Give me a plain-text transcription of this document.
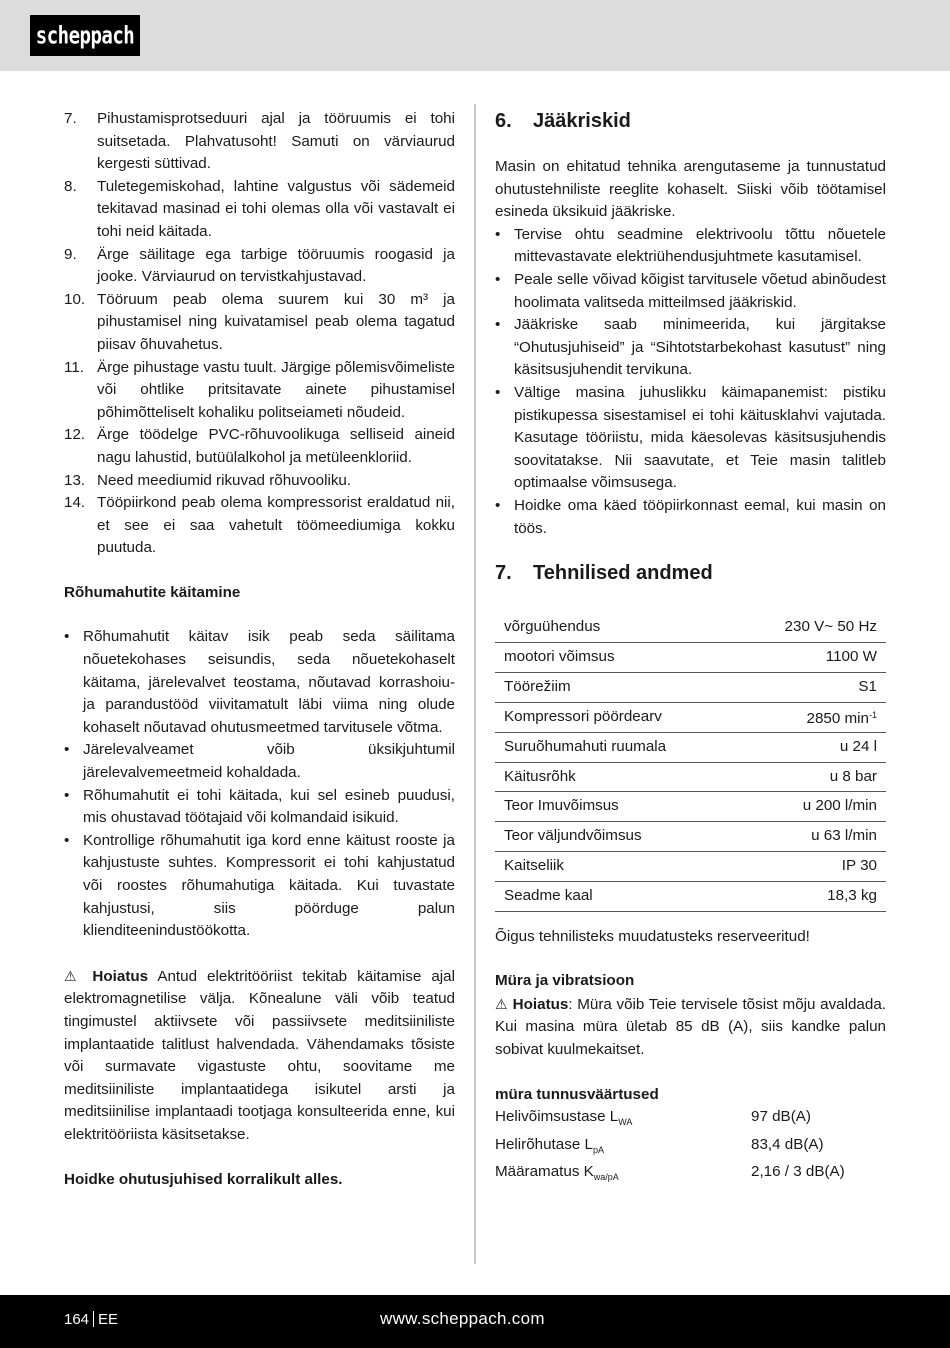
scheppach
7. Pihustamisprotseduuri ajal ja tööruumis ei tohi suitsetada. Plahvatusoht! Samuti on värviaurud kergesti süttivad.
8. Tuletegemiskohad, lahtine valgustus või sädemeid tekitavad masinad ei tohi olemas olla või vastavalt ei tohi neid käitada.
9. Ärge säilitage ega tarbige tööruumis roogasid ja jooke. Värviaurud on tervistkahjustavad.
10. Tööruum peab olema suurem kui 30 m³ ja pihustamisel ning kuivatamisel peab olema tagatud piisav õhuvahetus.
11. Ärge pihustage vastu tuult. Järgige põlemisvõimeliste või ohtlike pritsitavate ainete pihustamisel põhimõtteliselt kohaliku politseiameti nõudeid.
12. Ärge töödelge PVC-rõhuvoolikuga selliseid aineid nagu lahustid, butüülalkohol ja metüleenkloriid.
13. Need meediumid rikuvad rõhuvooliku.
14. Tööpiirkond peab olema kompressorist eraldatud nii, et see ei saa vahetult töömeediumiga kokku puutuda.
Rõhumahutite käitamine
• Rõhumahutit käitav isik peab seda säilitama nõuetekohases seisundis, seda nõuetekohaselt käitama, järelevalvet teostama, nõutavad korrashoiu- ja parandustööd viivitamatult läbi viima ning olude kohaselt nõutavad ohutusmeetmed tarvitusele võtma.
• Järelevalveamet võib üksikjuhtumil järelevalvemeetmeid kohaldada.
• Rõhumahutit ei tohi käitada, kui sel esineb puudusi, mis ohustavad töötajaid või kolmandaid isikuid.
• Kontrollige rõhumahutit iga kord enne käitust rooste ja kahjustuste suhtes. Kompressorit ei tohi kahjustatud või roostes rõhumahutiga käitada. Kui tuvastate kahjustusi, siis pöörduge palun klienditeenindustöökotta.

⚠ Hoiatus Antud elektritööriist tekitab käitamise ajal elektromagnetilise välja. Kõnealune väli võib teatud tingimustel aktiivsete või passiivsete meditsiiniliste implantaatide talitlust halvendada. Vähendamaks tõsiste või surmavate vigastuste ohtu, soovitame me meditsiiniliste implantaatidega isikutel arsti ja meditsiinilise implantaadi tootjaga konsulteerida enne, kui elektritööriista käsitsetakse.

Hoidke ohutusjuhised korralikult alles.

6.	Jääkriskid

Masin on ehitatud tehnika arengutaseme ja tunnustatud ohutustehniliste reeglite kohaselt. Siiski võib töötamisel esineda üksikuid jääkriske.

• Tervise ohtu seadmine elektrivoolu tõttu nõuetele mittevastavate elektriühendusjuhtmete kasutamisel.
• Peale selle võivad kõigist tarvitusele võetud abinõudest hoolimata valitseda mitteilmsed jääkriskid.
• Jääkriske saab minimeerida, kui järgitakse “Ohutusjuhiseid” ja “Sihtotstarbekohast kasutust” ning käsitsusjuhendit tervikuna.
• Vältige masina juhuslikku käimapanemist: pistiku pistikupessa sisestamisel ei tohi käitusklahvi vajutada. Kasutage tööriistu, mida käesolevas käsitsusjuhendis soovitatakse. Nii saavutate, et Teie masin talitleb optimaalse võimsusega.
• Hoidke oma käed tööpiirkonnast eemal, kui masin on töös.
7.	Tehnilised andmed
võrguühendus	230 V~ 50 Hz
mootori võimsus	1100 W
Töörežiim	S1
Kompressori pöördearv	2850 $\min^{-1}$
Suruõhumahuti ruumala	u 24 l
Käitusrõhk	u 8 bar
Teor Imuvõimsus	u 200 l/min
Teor väljundvõimsus	u 63 l/min
Kaitseliik	IP 30
Seadme kaal	18,3 kg

Õigus tehnilisteks muudatusteks reserveeritud!

Müra ja vibratsioon

⚠ Hoiatus: Müra võib Teie tervisele tõsist mõju avaldada. Kui masina müra ületab 85 dB (A), siis kandke palun sobivat kuulmekaitset.

müra tunnusväärtused

Helivõimsustase $L_{WA}$	97 dB(A)
Helirõhutase $L_{pA}$	83,4 dB(A)
Määramatus $K_{wa/pA}$	2,16 / 3 dB(A)
164 EE	www.scheppach.com
